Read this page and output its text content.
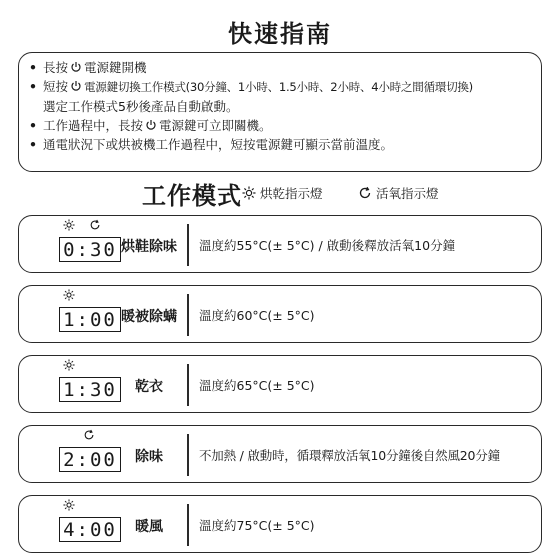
快速指南
• 長按 電源鍵開機
• 短按 電源鍵切換工作模式(30分鐘、1小時、1.5小時、2小時、4小時之間循環切換)
選定工作模式5秒後產品自動啟動。
• 工作過程中，長按 電源鍵可立即關機。
• 通電狀況下或烘被機工作過程中，短按電源鍵可顯示當前溫度。
工作模式 烘乾指示燈	活氧指示燈
0:30 烘鞋除味	溫度約55°C(± 5°C) / 啟動後釋放活氧10分鐘
1:00 暖被除螨	溫度約60°C(± 5°C)
1:30	乾衣	溫度約65°C(± 5°C)
2:00	除味	不加熱 / 啟動時，循環釋放活氧10分鐘後自然風20分鐘
4:00	暖風	溫度約75°C(± 5°C)
